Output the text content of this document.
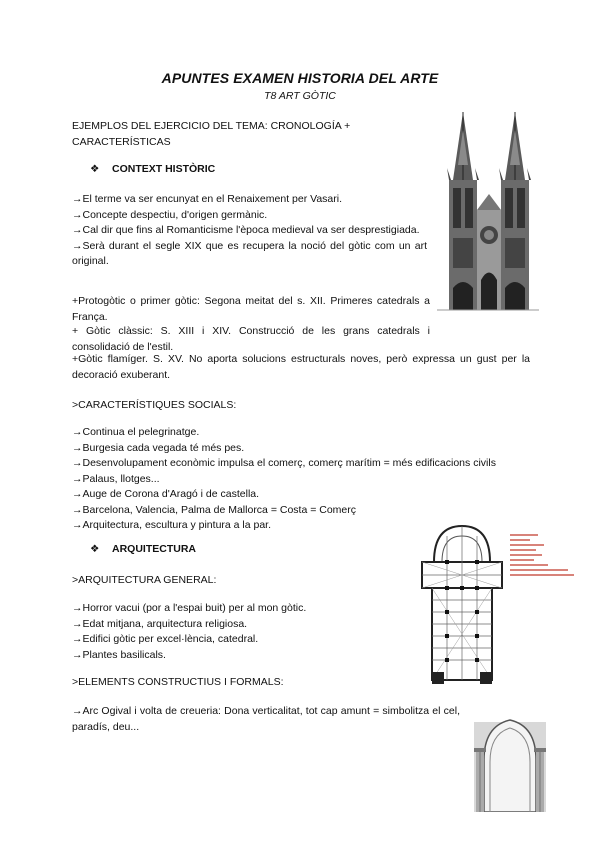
APUNTES EXAMEN HISTORIA DEL ARTE
T8 ART GÒTIC
EJEMPLOS DEL EJERCICIO DEL TEMA: CRONOLOGÍA + CARACTERÍSTICAS
❖ CONTEXT HISTÒRIC
→El terme va ser encunyat en el Renaixement per Vasari.
→Concepte despectiu, d'origen germànic.
→Cal dir que fins al Romanticisme l'època medieval va ser desprestigiada.
→Serà durant el segle XIX que es recupera la noció del gòtic com un art original.
+Protogòtic o primer gòtic: Segona meitat del s. XII. Primeres catedrals a França.
+ Gòtic clàssic: S. XIII i XIV. Construcció de les grans catedrals i consolidació de l'estil.
+Gòtic flamíger. S. XV. No aporta solucions estructurals noves, però expressa un gust per la decoració exuberant.
>CARACTERÍSTIQUES SOCIALS:
→Continua el pelegrinatge.
→Burgesia cada vegada té més pes.
→Desenvolupament econòmic impulsa el comerç, comerç marítim = més edificacions civils
→Palaus, llotges...
→Auge de Corona d'Aragó i de castella.
→Barcelona, Valencia, Palma de Mallorca = Costa = Comerç
→Arquitectura, escultura y pintura a la par.
❖ ARQUITECTURA
>ARQUITECTURA GENERAL:
→Horror vacui (por a l'espai buit) per al mon gòtic.
→Edat mitjana, arquitectura religiosa.
→Edifici gòtic per excel·lència, catedral.
→Plantes basilicals.
>ELEMENTS CONSTRUCTIUS I FORMALS:
→Arc Ogival i volta de creueria: Dona verticalitat, tot cap amunt = simbolitza el cel, paradís, deu...
